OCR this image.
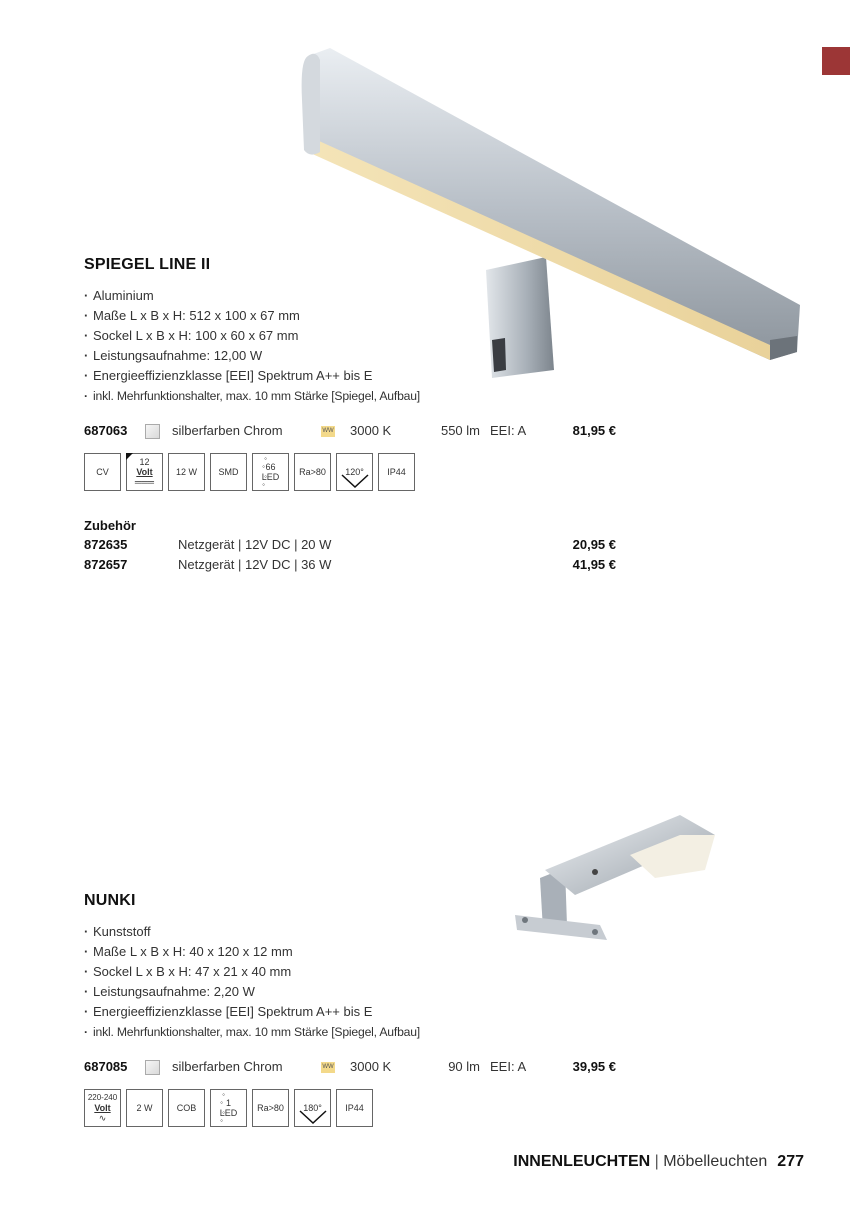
SPIEGEL LINE II
· Aluminium
· Maße L x B x H: 512 x 100 x 67 mm
· Sockel L x B x H: 100 x 60 x 67 mm
· Leistungsaufnahme: 12,00 W
· Energieeffizienzklasse [EEI] Spektrum A++ bis E
· inkl. Mehrfunktionshalter, max. 10 mm Stärke [Spiegel, Aufbau]
687063	silberfarben Chrom	WW 3000 K	550 lm EEI: A	81,95 €
CV
12
Volt
═══
12 W SMD	◦ ◦ 66
LED
◦ ◦ Ra>80 120°	IP44
Zubehör
872635	Netzgerät | 12V DC | 20 W	20,95 €
872657	Netzgerät | 12V DC | 36 W	41,95 €
NUNKI
· Kunststoff
· Maße L x B x H: 40 x 120 x 12 mm
· Sockel L x B x H: 47 x 21 x 40 mm
· Leistungsaufnahme: 2,20 W
· Energieeffizienzklasse [EEI] Spektrum A++ bis E
· inkl. Mehrfunktionshalter, max. 10 mm Stärke [Spiegel, Aufbau]
687085	silberfarben Chrom	WW 3000 K	90 lm EEI: A	39,95 €
220-240
Volt
∿
2 W	COB	◦ ◦ 1
LED
◦ ◦ Ra>80 180°	IP44
INNENLEUCHTEN | Möbelleuchten 277
